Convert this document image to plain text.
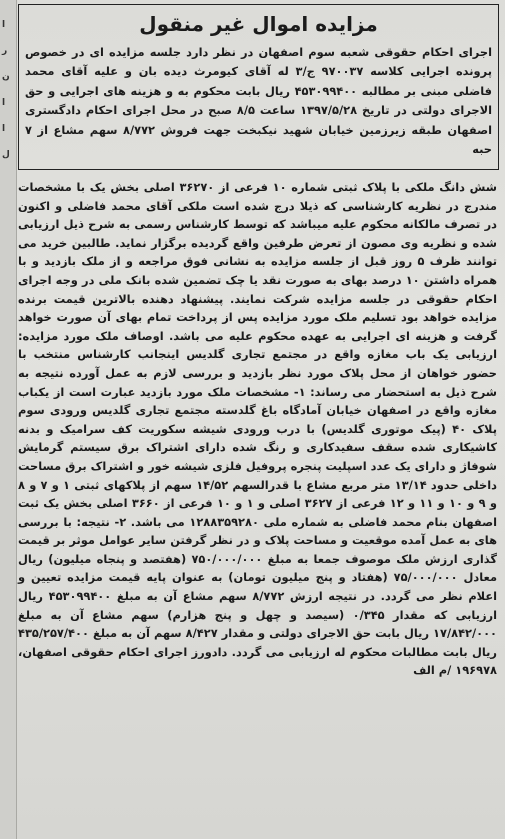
ا
ر
ن
ا
ا
ل
مزایده اموال غیر منقول
اجرای احکام حقوقی شعبه سوم اصفهان در نظر دارد جلسه مزایده ای در خصوص پرونده اجرایی کلاسه ۹۷۰۰۳۷ ج/۳ له آقای کیومرث دیده بان و علیه آقای محمد فاضلی مبنی بر مطالبه ۴۵۳۰۹۹۴۰۰ ریال بابت محکوم به و هزینه های اجرایی و حق الاجرای دولتی در تاریخ ۱۳۹۷/۵/۲۸ ساعت ۸/۵ صبح در محل اجرای احکام دادگستری اصفهان طبقه زیرزمین خیابان شهید نیکبخت جهت فروش ۸/۷۷۲ سهم مشاع از ۷ حبه
شش دانگ ملکی با پلاک ثبتی شماره ۱۰ فرعی از ۳۶۲۷۰ اصلی بخش یک با مشخصات مندرج در نظریه کارشناسی که ذیلا درج شده است ملکی آقای محمد فاضلی و اکنون در تصرف مالکانه محکوم علیه میباشد که توسط کارشناس رسمی به شرح ذیل ارزیابی شده و نظریه وی مصون از تعرض طرفین واقع گردیده برگزار نماید. طالبین خرید می توانند ظرف ۵ روز قبل از جلسه مزایده به نشانی فوق مراجعه و از ملک بازدید و با همراه داشتن ۱۰ درصد بهای به صورت نقد یا چک تضمین شده بانک ملی در وجه اجرای احکام حقوقی در جلسه مزایده شرکت نمایند. پیشنهاد دهنده بالاترین قیمت برنده مزایده خواهد بود تسلیم ملک مورد مزایده پس از پرداخت تمام بهای آن صورت خواهد گرفت و هزینه ای اجرایی به عهده محکوم علیه می باشد. اوصاف ملک مورد مزایده: ارزیابی یک باب مغازه واقع در مجتمع تجاری گلدیس اینجانب کارشناس منتخب با حضور خواهان از محل پلاک مورد نظر بازدید و بررسی لازم به عمل آورده نتیجه به شرح ذیل به استحضار می رساند: ۱- مشخصات ملک مورد بازدید عبارت است از یکباب مغازه واقع در اصفهان خیابان آمادگاه باغ گلدسته مجتمع تجاری گلدیس ورودی سوم پلاک ۴۰ (پیک موتوری گلدیس) با درب ورودی شیشه سکوریت کف سرامیک و بدنه کاشیکاری شده سقف سفیدکاری و رنگ شده دارای اشتراک برق سیستم گرمایش شوفاژ و دارای یک عدد اسپلیت پنجره پروفیل فلزی شیشه خور و اشتراک برق مساحت داخلی حدود ۱۳/۱۴ متر مربع مشاع با قدرالسهم ۱۴/۵۲ سهم از پلاکهای ثبتی ۱ و ۷ و ۸ و ۹ و ۱۰ و ۱۱ و ۱۲ فرعی از ۳۶۲۷ اصلی و ۱ و ۱۰ فرعی از ۳۶۶۰ اصلی بخش یک ثبت اصفهان بنام محمد فاضلی به شماره ملی ۱۲۸۸۳۵۹۲۸۰ می باشد. ۲- نتیجه: با بررسی های به عمل آمده موقعیت و مساحت پلاک و در نظر گرفتن سایر عوامل موثر بر قیمت گذاری ارزش ملک موصوف جمعا به مبلغ ۷۵۰/۰۰۰/۰۰۰ (هفتصد و پنجاه میلیون) ریال معادل ۷۵/۰۰۰/۰۰۰ (هفتاد و پنج میلیون تومان) به عنوان پایه قیمت مزایده تعیین و اعلام نظر می گردد. در نتیجه ارزش ۸/۷۷۲ سهم مشاع آن به مبلغ ۴۵۳۰۹۹۴۰۰ ریال ارزیابی که مقدار ۰/۳۴۵ (سیصد و چهل و پنج هزارم) سهم مشاع آن به مبلغ ۱۷/۸۴۲/۰۰۰ ریال بابت حق الاجرای دولتی و مقدار ۸/۴۲۷ سهم آن به مبلغ ۴۳۵/۲۵۷/۴۰۰ ریال بابت مطالبات محکوم له ارزیابی می گردد. دادورز اجرای احکام حقوقی اصفهان، ۱۹۶۹۷۸ /م الف
